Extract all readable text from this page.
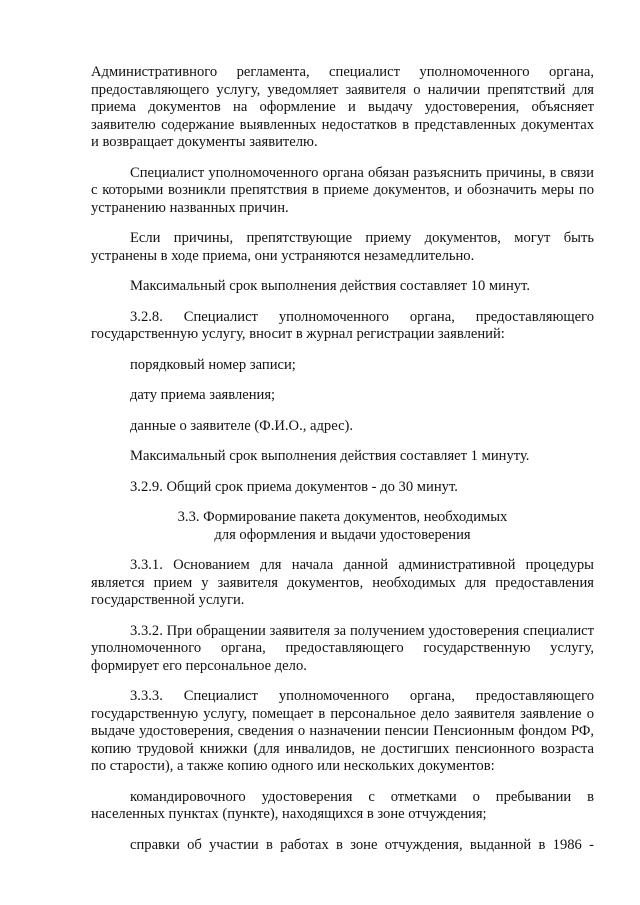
Административного регламента, специалист уполномоченного органа, предоставляющего услугу, уведомляет заявителя о наличии препятствий для приема документов на оформление и выдачу удостоверения, объясняет заявителю содержание выявленных недостатков в представленных документах и возвращает документы заявителю.

Специалист уполномоченного органа обязан разъяснить причины, в связи с которыми возникли препятствия в приеме документов, и обозначить меры по устранению названных причин.

Если причины, препятствующие приему документов, могут быть устранены в ходе приема, они устраняются незамедлительно.

Максимальный срок выполнения действия составляет 10 минут.

3.2.8. Специалист уполномоченного органа, предоставляющего государственную услугу, вносит в журнал регистрации заявлений:

порядковый номер записи;

дату приема заявления;

данные о заявителе (Ф.И.О., адрес).

Максимальный срок выполнения действия составляет 1 минуту.

3.2.9. Общий срок приема документов - до 30 минут.

3.3. Формирование пакета документов, необходимых
для оформления и выдачи удостоверения

3.3.1. Основанием для начала данной административной процедуры является прием у заявителя документов, необходимых для предоставления государственной услуги.

3.3.2. При обращении заявителя за получением удостоверения специалист уполномоченного органа, предоставляющего государственную услугу, формирует его персональное дело.

3.3.3. Специалист уполномоченного органа, предоставляющего государственную услугу, помещает в персональное дело заявителя заявление о выдаче удостоверения, сведения о назначении пенсии Пенсионным фондом РФ, копию трудовой книжки (для инвалидов, не достигших пенсионного возраста по старости), а также копию одного или нескольких документов:

командировочного удостоверения с отметками о пребывании в населенных пунктах (пункте), находящихся в зоне отчуждения;

справки об участии в работах в зоне отчуждения, выданной в 1986 -
